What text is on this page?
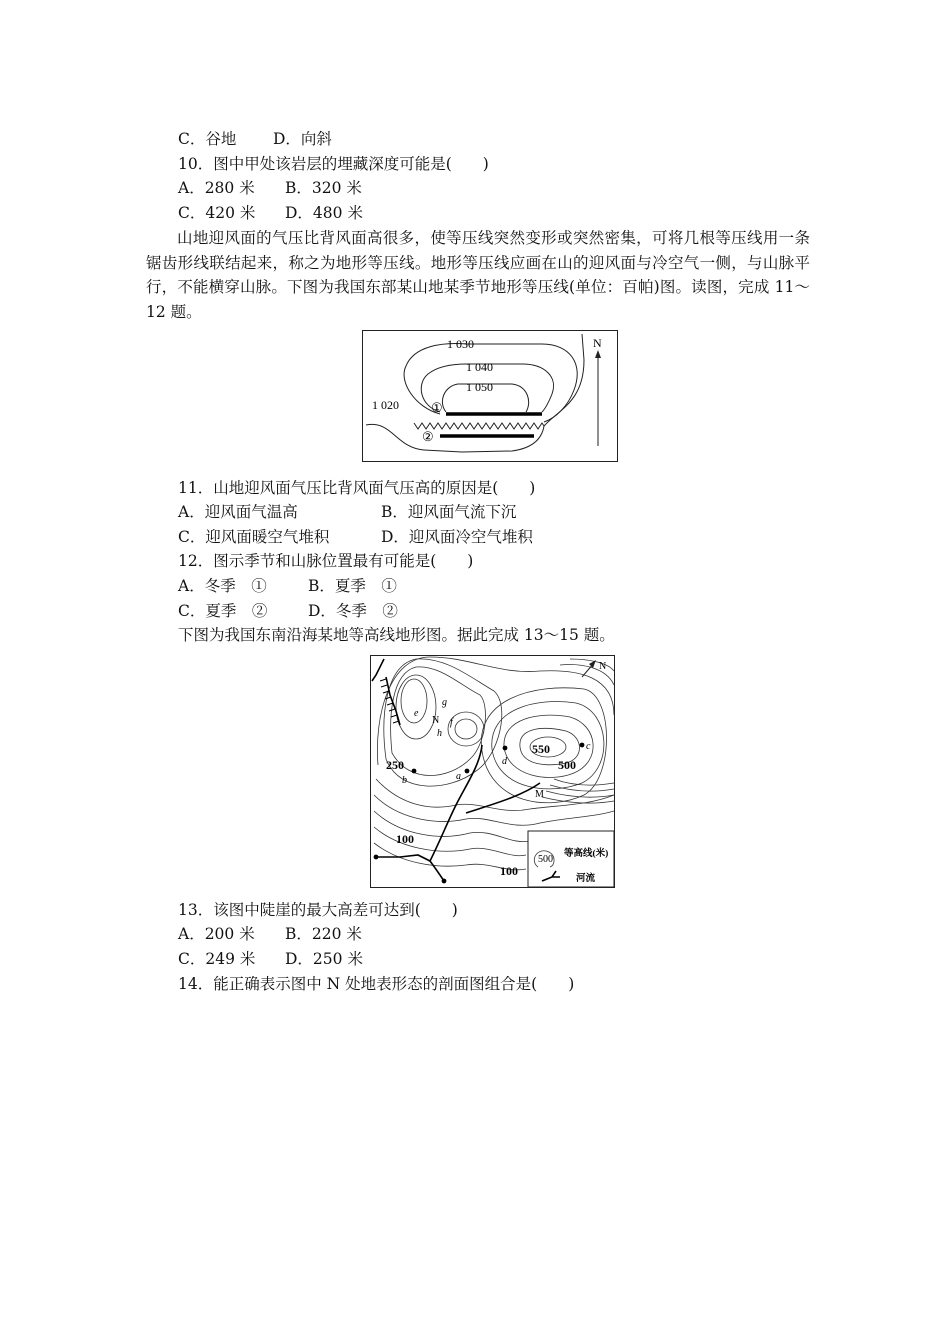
C．谷地 D．向斜
10．图中甲处该岩层的埋藏深度可能是(　　)
A．280 米 B．320 米
C．420 米 D．480 米
山地迎风面的气压比背风面高很多，使等压线突然变形或突然密集，可将几根等压线用一条锯齿形线联结起来，称之为地形等压线。地形等压线应画在山的迎风面与冷空气一侧，与山脉平行，不能横穿山脉。下图为我国东部某山地某季节地形等压线(单位：百帕)图。读图，完成 11～12 题。
N
1 030
1 040
1 050
1 020 ①
②
11．山地迎风面气压比背风面气压高的原因是(　　)
A．迎风面气温高	B．迎风面气流下沉
C．迎风面暖空气堆积	D．迎风面冷空气堆积
12．图示季节和山脉位置最有可能是(　　)
A．冬季　①	B．夏季　①
C．夏季　②	D．冬季　②
下图为我国东南沿海某地等高线地形图。据此完成 13～15 题。
N
e
g
N f
h
d
c
b	a
M
550
500
250
100
100
500 等高线(米)
河流
13．该图中陡崖的最大高差可达到(　　)
A．200 米 B．220 米
C．249 米 D．250 米
14．能正确表示图中 N 处地表形态的剖面图组合是(　　)
